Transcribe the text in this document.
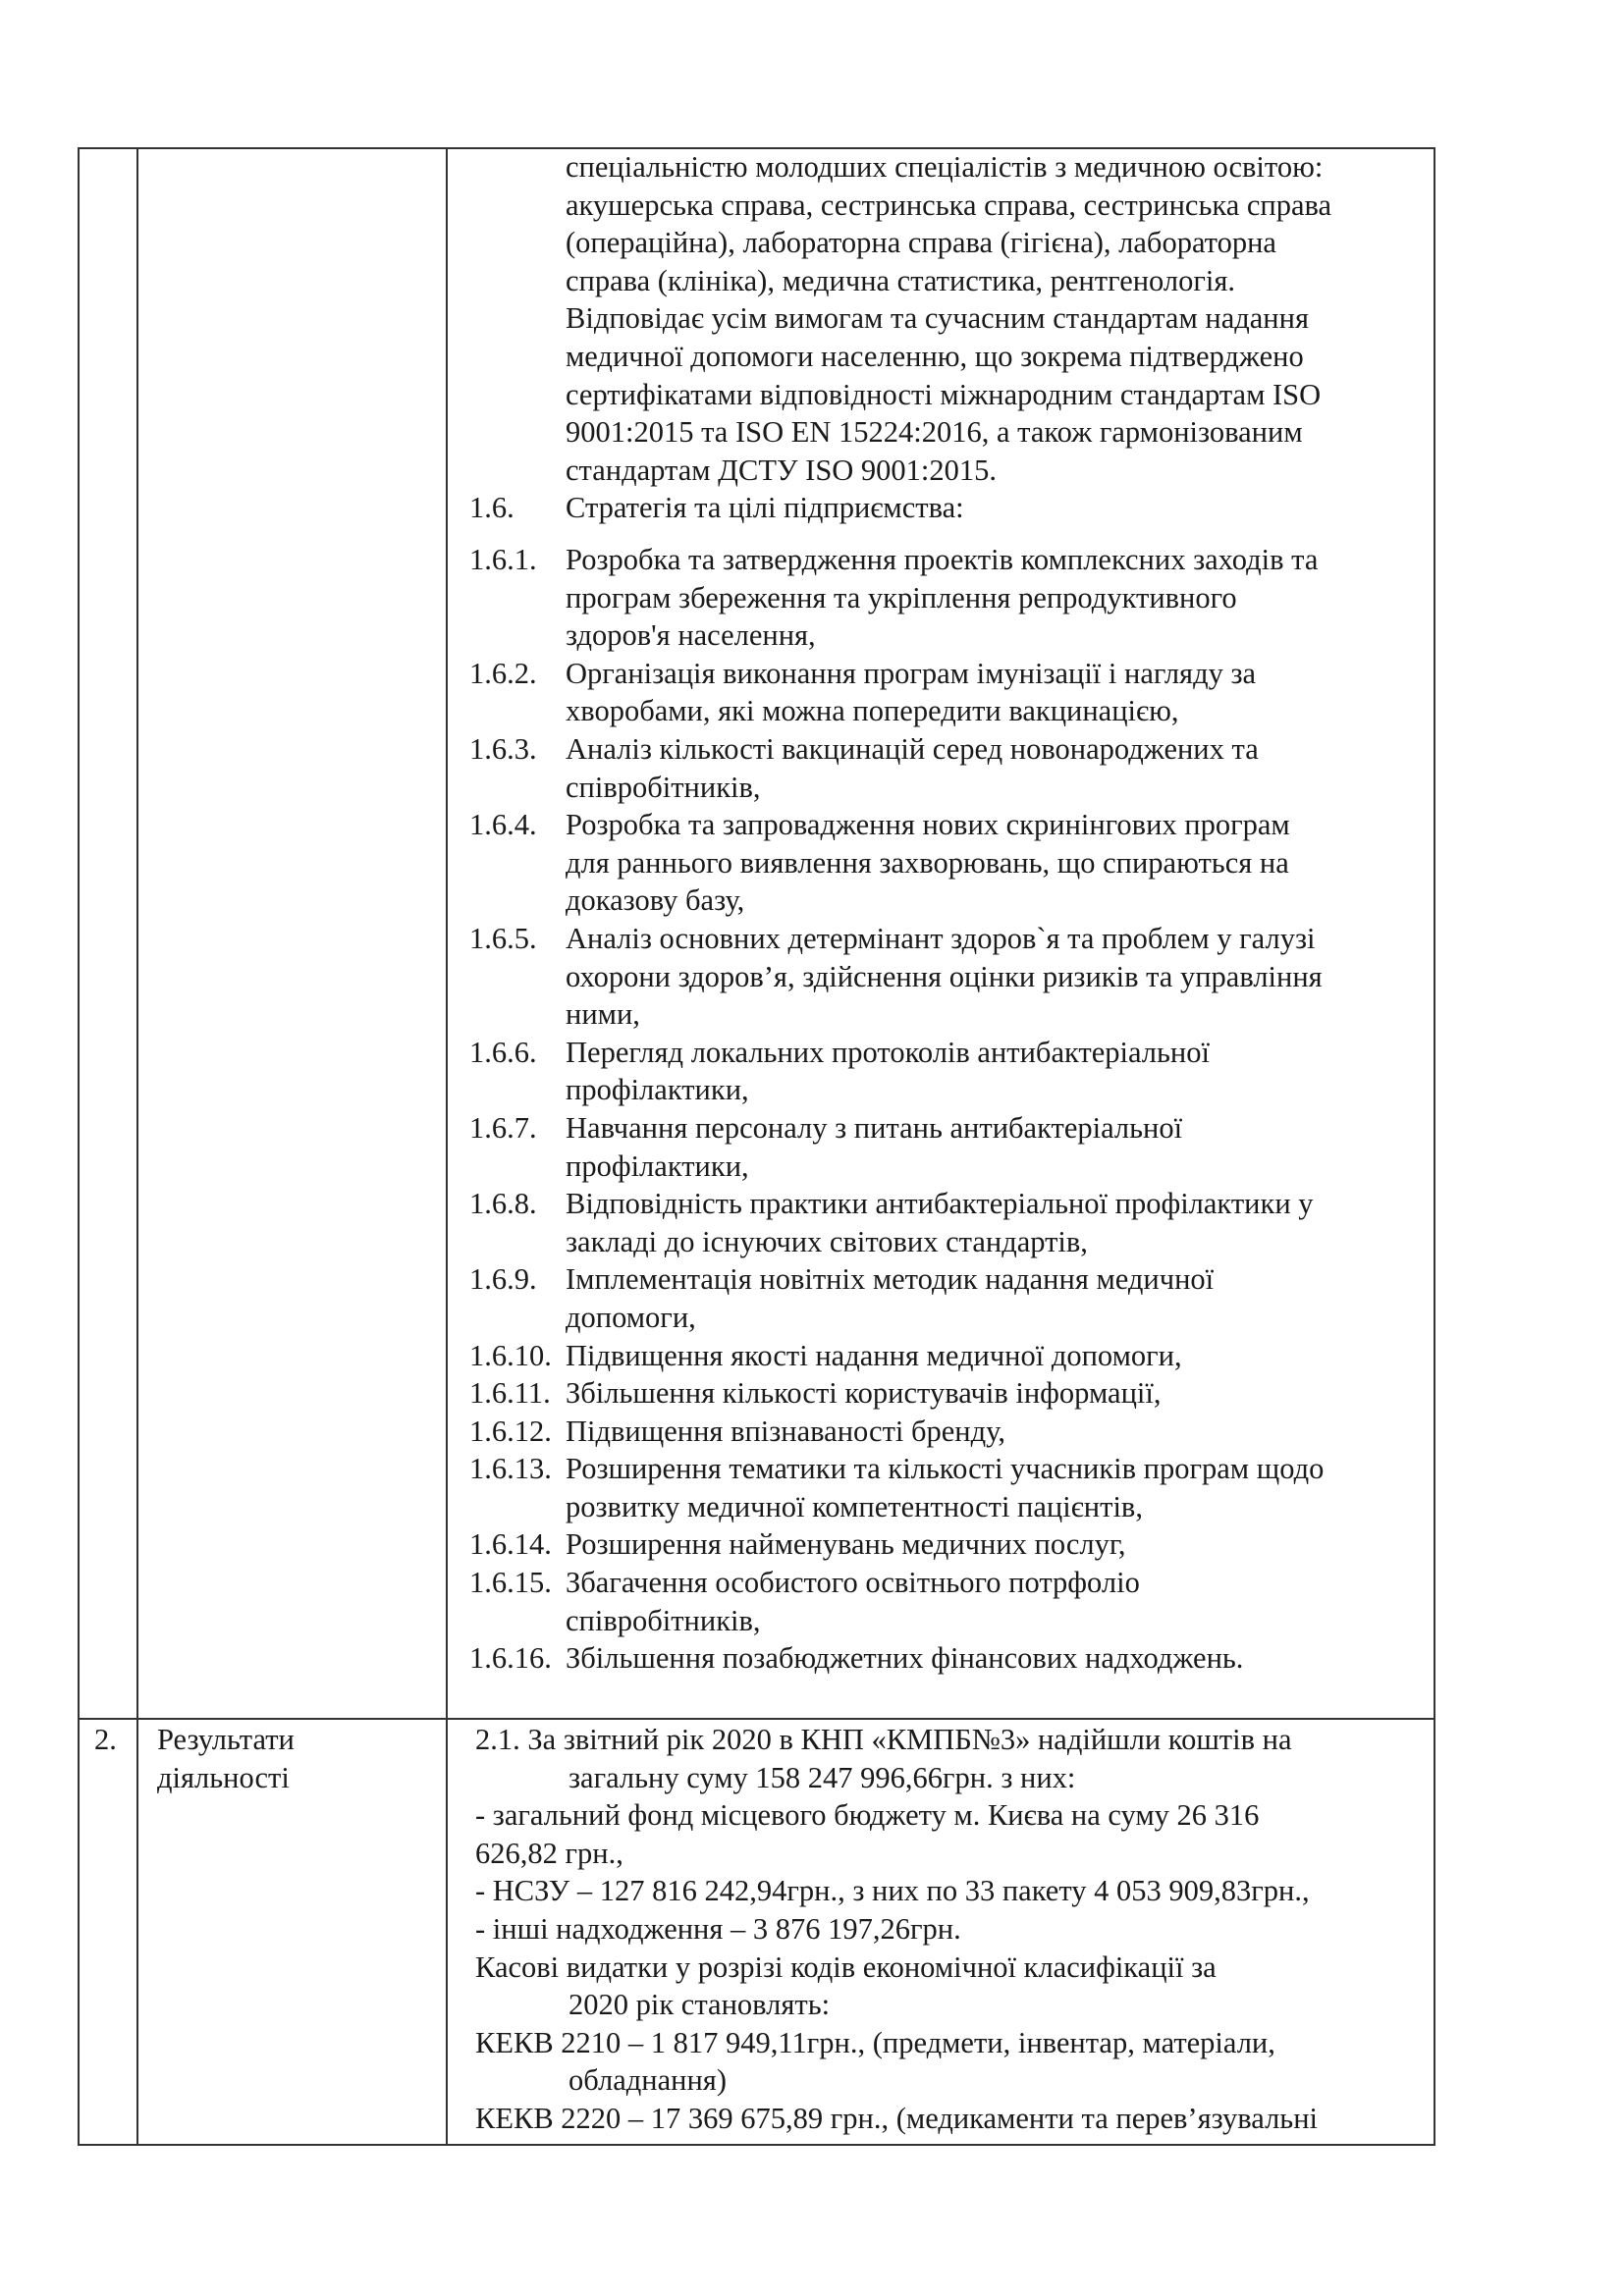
спеціальністю молодших спеціалістів з медичною освітою:
акушерська справа, сестринська справа, сестринська справа
(операційна), лабораторна справа (гігієна), лабораторна
справа (клініка), медична статистика, рентгенологія.
Відповідає усім вимогам та сучасним стандартам надання
медичної допомоги населенню, що зокрема підтверджено
сертифікатами відповідності міжнародним стандартам ISO
9001:2015 та ISO EN 15224:2016, а також гармонізованим
стандартам ДСТУ ISO 9001:2015.
1.6. Стратегія та цілі підприємства:
1.6.1. Розробка та затвердження проектів комплексних заходів та
програм збереження та укріплення репродуктивного
здоров'я населення,
1.6.2. Організація виконання програм імунізації і нагляду за
хворобами, які можна попередити вакцинацією,
1.6.3. Аналіз кількості вакцинацій серед новонароджених та
співробітників,
1.6.4. Розробка та запровадження нових скринінгових програм
для раннього виявлення захворювань, що спираються на
доказову базу,
1.6.5. Аналіз основних детермінант здоров`я та проблем у галузі
охорони здоров’я, здійснення оцінки ризиків та управління
ними,
1.6.6. Перегляд локальних протоколів антибактеріальної
профілактики,
1.6.7. Навчання персоналу з питань антибактеріальної
профілактики,
1.6.8. Відповідність практики антибактеріальної профілактики у
закладі до існуючих світових стандартів,
1.6.9. Імплементація новітніх методик надання медичної
допомоги,
1.6.10. Підвищення якості надання медичної допомоги,
1.6.11. Збільшення кількості користувачів інформації,
1.6.12. Підвищення впізнаваності бренду,
1.6.13. Розширення тематики та кількості учасників програм щодо
розвитку медичної компетентності пацієнтів,
1.6.14. Розширення найменувань медичних послуг,
1.6.15. Збагачення особистого освітнього потрфоліо
співробітників,
1.6.16. Збільшення позабюджетних фінансових надходжень.
2. Результати
діяльності
2.1. За звітний рік 2020 в КНП «КМПБ№3» надійшли коштів на
загальну суму 158 247 996,66грн. з них:
- загальний фонд місцевого бюджету м. Києва на суму 26 316
626,82 грн.,
- НСЗУ – 127 816 242,94грн., з них по 33 пакету 4 053 909,83грн.,
- інші надходження – 3 876 197,26грн.
Касові видатки у розрізі кодів економічної класифікації за
2020 рік становлять:
КЕКВ 2210 – 1 817 949,11грн., (предмети, інвентар, матеріали,
обладнання)
КЕКВ 2220 – 17 369 675,89 грн., (медикаменти та перев’язувальні
